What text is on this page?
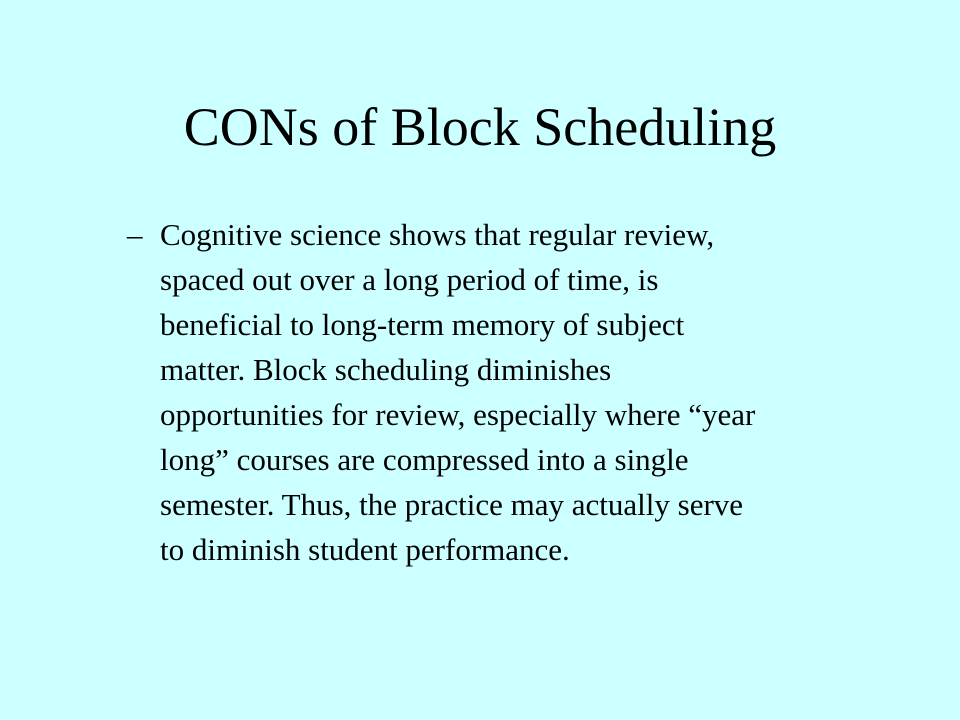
CONs of Block Scheduling
– Cognitive science shows that regular review,
spaced out over a long period of time, is
beneficial to long-term memory of subject
matter. Block scheduling diminishes
opportunities for review, especially where “year
long” courses are compressed into a single
semester. Thus, the practice may actually serve
to diminish student performance.
